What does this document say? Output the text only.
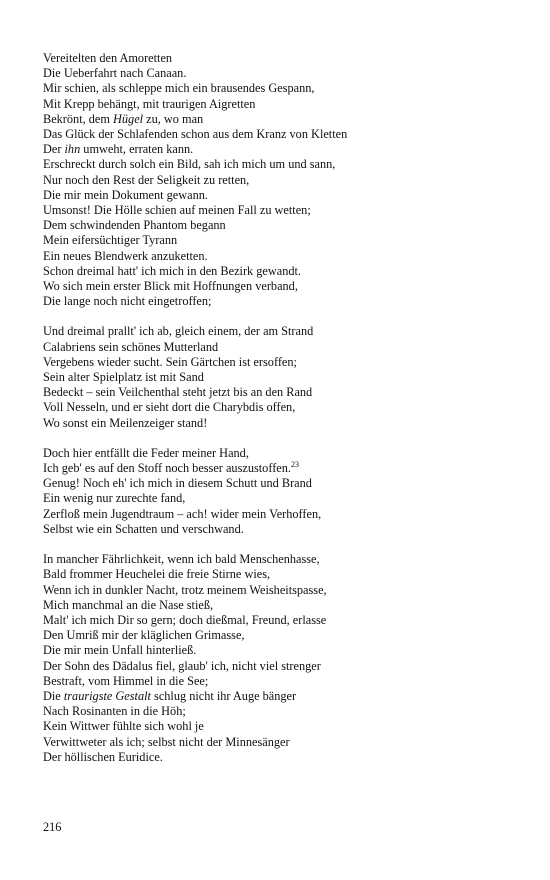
Vereitelten den Amoretten
Die Ueberfahrt nach Canaan.
Mir schien, als schleppe mich ein brausendes Gespann,
Mit Krepp behängt, mit traurigen Aigretten
Bekrönt, dem Hügel zu, wo man
Das Glück der Schlafenden schon aus dem Kranz von Kletten
Der ihn umweht, erraten kann.
Erschreckt durch solch ein Bild, sah ich mich um und sann,
Nur noch den Rest der Seligkeit zu retten,
Die mir mein Dokument gewann.
Umsonst! Die Hölle schien auf meinen Fall zu wetten;
Dem schwindenden Phantom begann
Mein eifersüchtiger Tyrann
Ein neues Blendwerk anzuketten.
Schon dreimal hatt' ich mich in den Bezirk gewandt.
Wo sich mein erster Blick mit Hoffnungen verband,
Die lange noch nicht eingetroffen;
Und dreimal prallt' ich ab, gleich einem, der am Strand
Calabriens sein schönes Mutterland
Vergebens wieder sucht. Sein Gärtchen ist ersoffen;
Sein alter Spielplatz ist mit Sand
Bedeckt – sein Veilchenthal steht jetzt bis an den Rand
Voll Nesseln, und er sieht dort die Charybdis offen,
Wo sonst ein Meilenzeiger stand!
Doch hier entfällt die Feder meiner Hand,
Ich geb' es auf den Stoff noch besser auszustoffen.$^{23}$
Genug! Noch eh' ich mich in diesem Schutt und Brand
Ein wenig nur zurechte fand,
Zerfloß mein Jugendtraum – ach! wider mein Verhoffen,
Selbst wie ein Schatten und verschwand.
In mancher Fährlichkeit, wenn ich bald Menschenhasse,
Bald frommer Heuchelei die freie Stirne wies,
Wenn ich in dunkler Nacht, trotz meinem Weisheitspasse,
Mich manchmal an die Nase stieß,
Malt' ich mich Dir so gern; doch dießmal, Freund, erlasse
Den Umriß mir der kläglichen Grimasse,
Die mir mein Unfall hinterließ.
Der Sohn des Dädalus fiel, glaub' ich, nicht viel strenger
Bestraft, vom Himmel in die See;
Die traurigste Gestalt schlug nicht ihr Auge bänger
Nach Rosinanten in die Höh;
Kein Wittwer fühlte sich wohl je
Verwittweter als ich; selbst nicht der Minnesänger
Der höllischen Euridice.
216
